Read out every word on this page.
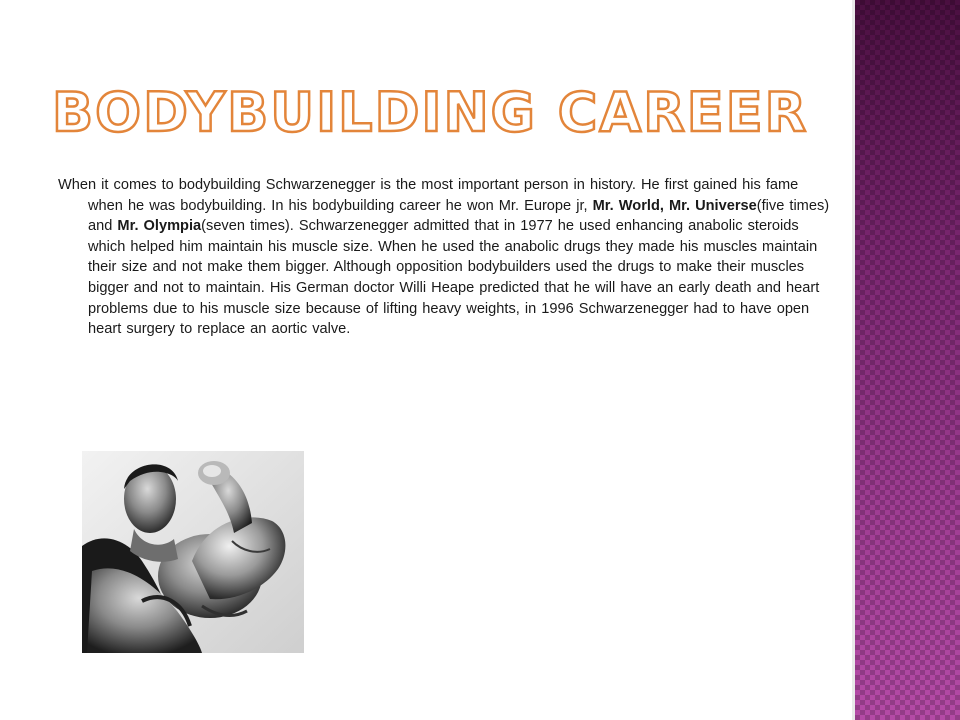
BODYBUILDING CAREER

When it comes to bodybuilding Schwarzenegger is the most important person in history. He first gained his fame when he was bodybuilding. In his bodybuilding career he won Mr. Europe jr, Mr. World, Mr. Universe(five times) and Mr. Olympia(seven times). Schwarzenegger admitted that in 1977 he used enhancing anabolic steroids which helped him maintain his muscle size. When he used the anabolic drugs they made his muscles maintain their size and not make them bigger. Although opposition bodybuilders used the drugs to make their muscles bigger and not to maintain. His German doctor Willi Heape predicted that he will have an early death and heart problems due to his muscle size because of lifting heavy weights, in 1996 Schwarzenegger had to have open heart surgery to replace an aortic valve.
